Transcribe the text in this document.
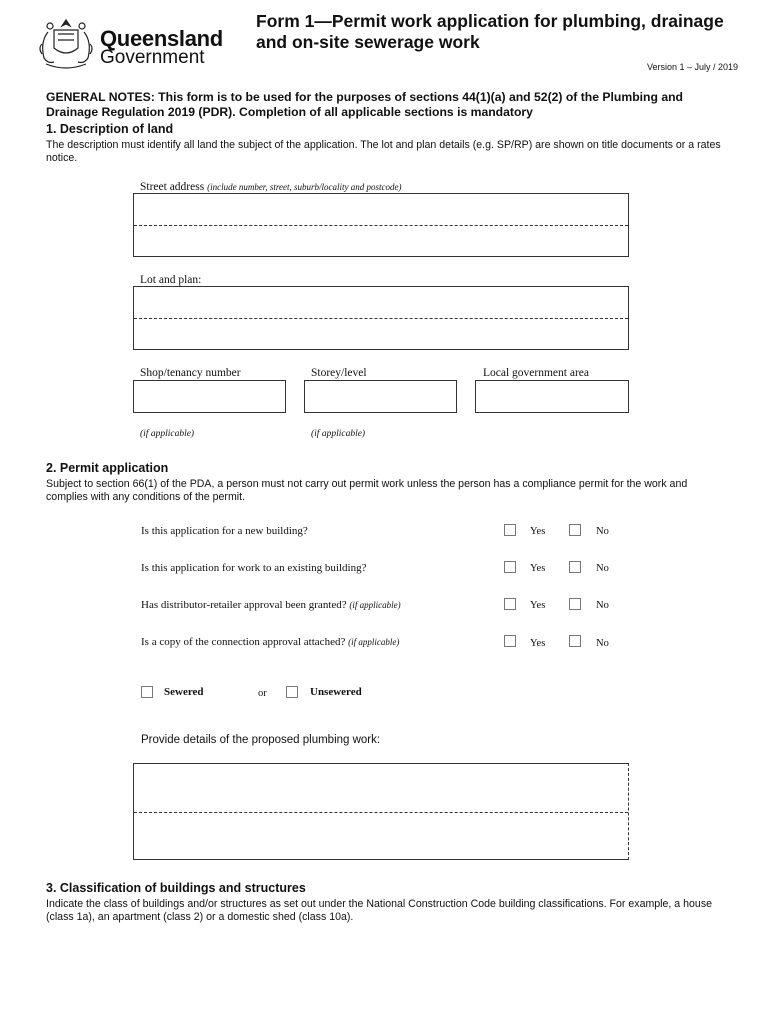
Queensland
Government
Form 1—Permit work application for plumbing, drainage and on-site sewerage work
Version 1 – July / 2019
GENERAL NOTES: This form is to be used for the purposes of sections 44(1)(a) and 52(2) of the Plumbing and Drainage Regulation 2019 (PDR). Completion of all applicable sections is mandatory
1. Description of land
The description must identify all land the subject of the application. The lot and plan details (e.g. SP/RP) are shown on title documents or a rates notice.
Street address (include number, street, suburb/locality and postcode)
Lot and plan:
Shop/tenancy number	Storey/level	Local government area
(if applicable)	(if applicable)
2. Permit application
Subject to section 66(1) of the PDA, a person must not carry out permit work unless the person has a compliance permit for the work and complies with any conditions of the permit.
Is this application for a new building?	Yes	No
Is this application for work to an existing building?	Yes	No
Has distributor-retailer approval been granted? (if applicable)	Yes	No
Is a copy of the connection approval attached? (if applicable)	Yes	No
Sewered	or	Unsewered
Provide details of the proposed plumbing work:
3. Classification of buildings and structures
Indicate the class of buildings and/or structures as set out under the National Construction Code building classifications. For example, a house (class 1a), an apartment (class 2) or a domestic shed (class 10a).
